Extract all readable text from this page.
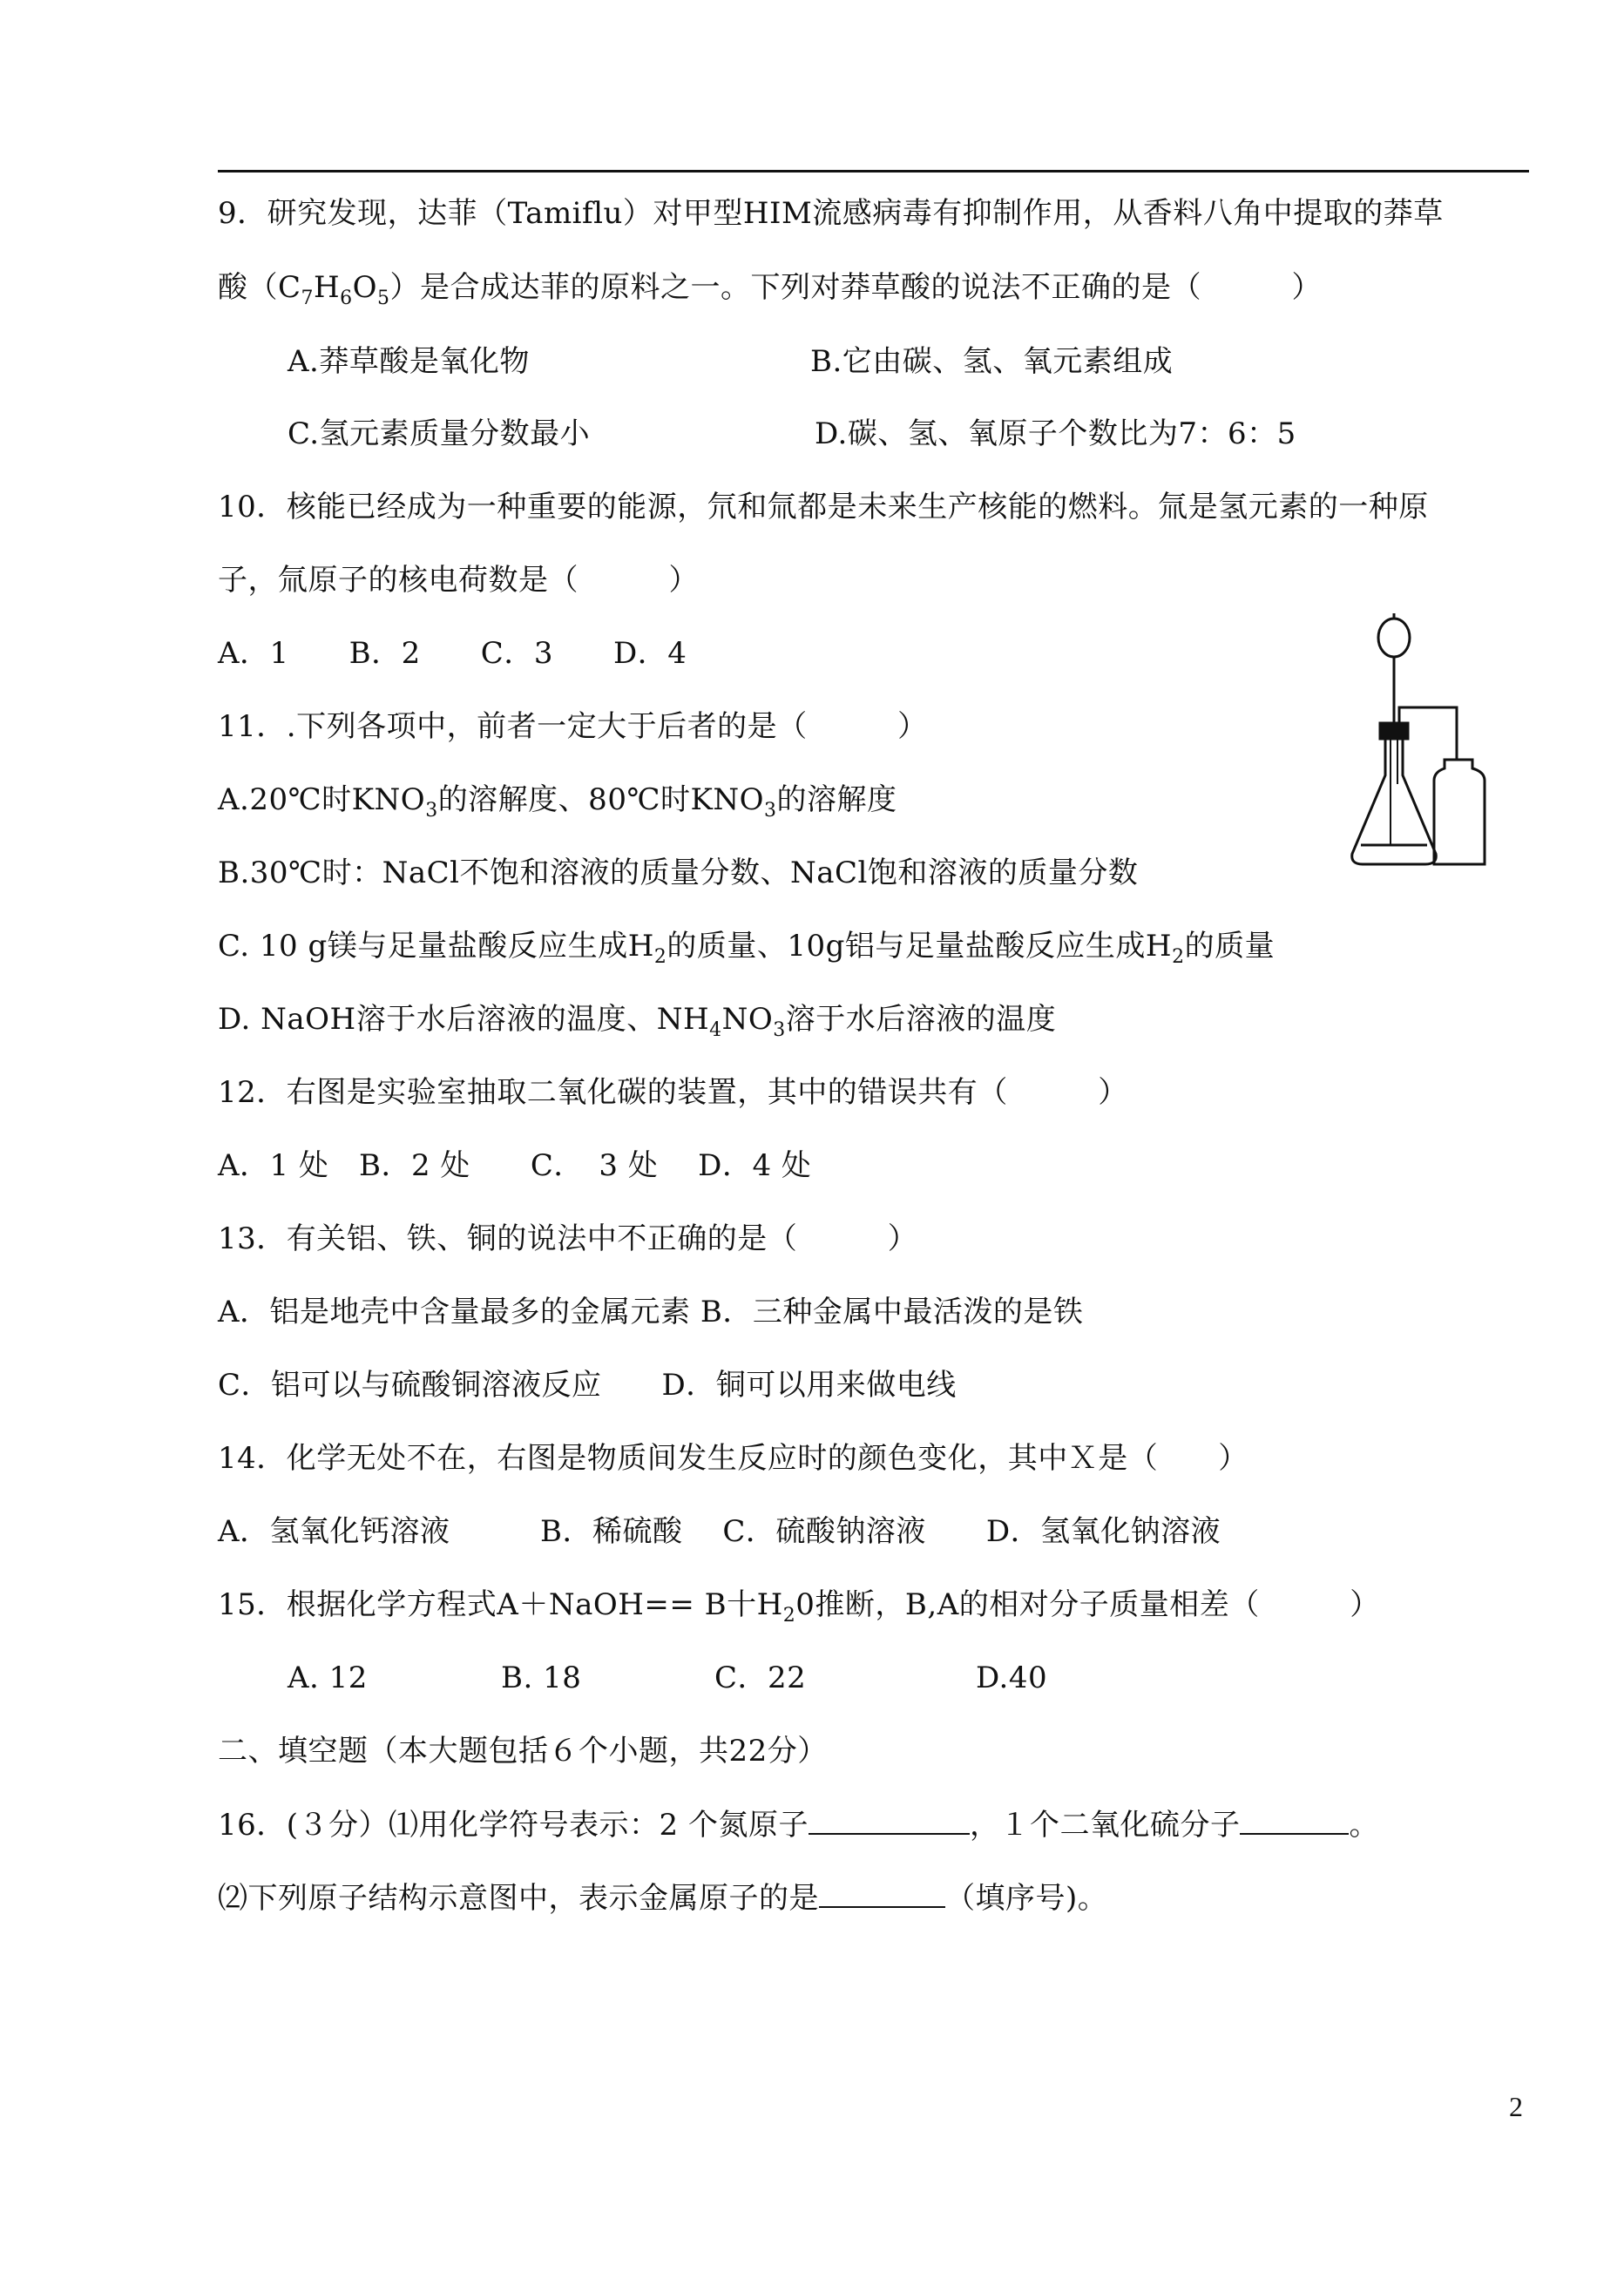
9．研究发现，达菲（Tamiflu）对甲型HIM流感病毒有抑制作用，从香料八角中提取的莽草
酸$(C_7H_6O_5)$是合成达菲的原料之一。下列对莽草酸的说法不正确的是（　　　）
A.莽草酸是氧化物	B.它由碳、氢、氧元素组成
C.氢元素质量分数最小	D.碳、氢、氧原子个数比为7：6：5
10．核能已经成为一种重要的能源，氘和氚都是未来生产核能的燃料。氚是氢元素的一种原
子，氚原子的核电荷数是（　　　）
A．1　　B．2　　C．3　　D．4
11．.下列各项中，前者一定大于后者的是（　　　）
A.20℃时$KNO_3$的溶解度、80℃时$KNO_3$的溶解度
B.30℃时：NaCl不饱和溶液的质量分数、NaCl饱和溶液的质量分数
C. 10 g镁与足量盐酸反应生成$H_2$的质量、10g铝与足量盐酸反应生成$H_2$的质量
D. NaOH溶于水后溶液的温度、$NH_4NO_3$溶于水后溶液的温度
12．右图是实验室抽取二氧化碳的装置，其中的错误共有（　　　）
A．1 处　B．2 处　　C．　3 处　 D．4 处
13．有关铝、铁、铜的说法中不正确的是（　　　）
A．铝是地壳中含量最多的金属元素 B．三种金属中最活泼的是铁
C．铝可以与硫酸铜溶液反应　　D．铜可以用来做电线
14．化学无处不在，右图是物质间发生反应时的颜色变化，其中Ｘ是（　　）
A．氢氧化钙溶液　　　B．稀硫酸　 C．硫酸钠溶液　　D．氢氧化钠溶液
15．根据化学方程式A＋NaOH== B十$H_20$推断，B,A的相对分子质量相差（　　　）
A. 12	B. 18	C．22	D.40
二、填空题（本大题包括６个小题，共22分）
16．(３分）⑴用化学符号表示：2 个氮原子	，１个二氧化硫分子	。
⑵下列原子结构示意图中，表示金属原子的是	（填序号)。
2
